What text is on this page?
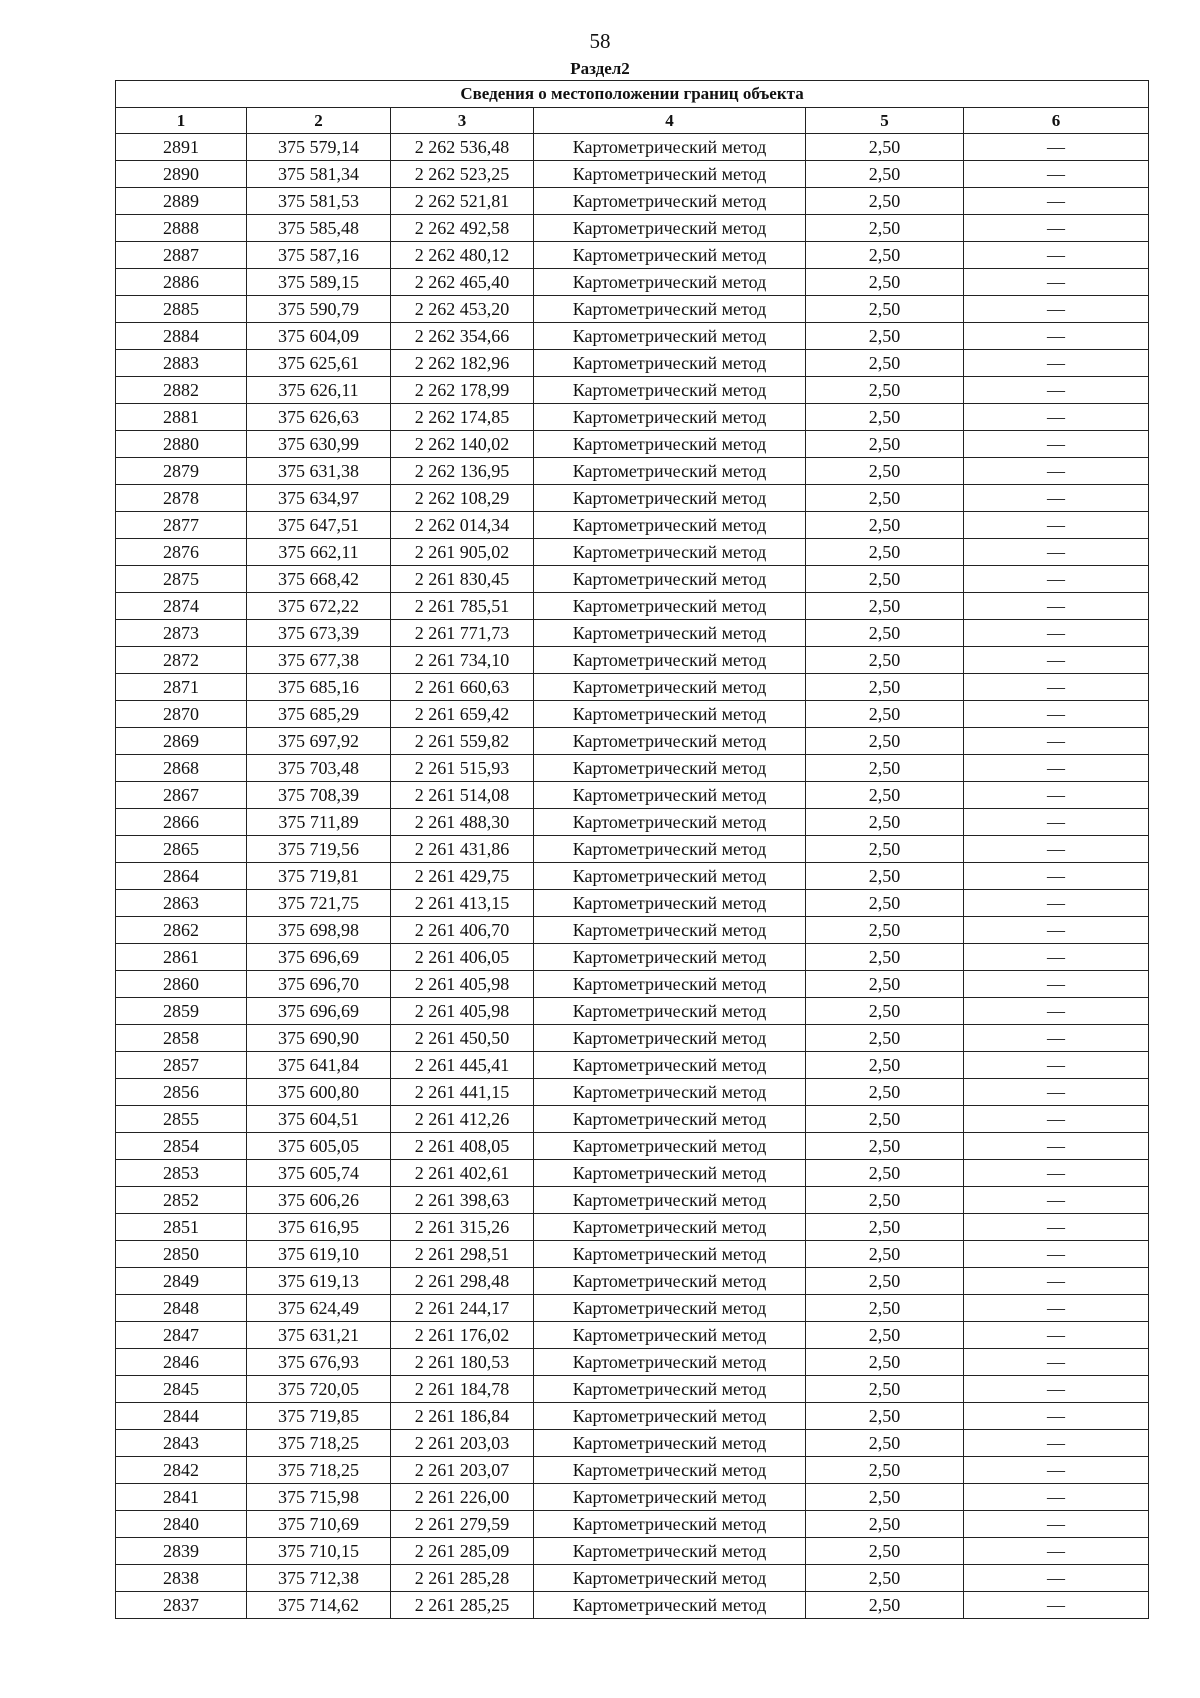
58
Раздел2
Сведения о местоположении границ объекта					
1	2	3	4	5	6
2891	375 579,14	2 262 536,48	Картометрический метод	2,50	—
2890	375 581,34	2 262 523,25	Картометрический метод	2,50	—
2889	375 581,53	2 262 521,81	Картометрический метод	2,50	—
2888	375 585,48	2 262 492,58	Картометрический метод	2,50	—
2887	375 587,16	2 262 480,12	Картометрический метод	2,50	—
2886	375 589,15	2 262 465,40	Картометрический метод	2,50	—
2885	375 590,79	2 262 453,20	Картометрический метод	2,50	—
2884	375 604,09	2 262 354,66	Картометрический метод	2,50	—
2883	375 625,61	2 262 182,96	Картометрический метод	2,50	—
2882	375 626,11	2 262 178,99	Картометрический метод	2,50	—
2881	375 626,63	2 262 174,85	Картометрический метод	2,50	—
2880	375 630,99	2 262 140,02	Картометрический метод	2,50	—
2879	375 631,38	2 262 136,95	Картометрический метод	2,50	—
2878	375 634,97	2 262 108,29	Картометрический метод	2,50	—
2877	375 647,51	2 262 014,34	Картометрический метод	2,50	—
2876	375 662,11	2 261 905,02	Картометрический метод	2,50	—
2875	375 668,42	2 261 830,45	Картометрический метод	2,50	—
2874	375 672,22	2 261 785,51	Картометрический метод	2,50	—
2873	375 673,39	2 261 771,73	Картометрический метод	2,50	—
2872	375 677,38	2 261 734,10	Картометрический метод	2,50	—
2871	375 685,16	2 261 660,63	Картометрический метод	2,50	—
2870	375 685,29	2 261 659,42	Картометрический метод	2,50	—
2869	375 697,92	2 261 559,82	Картометрический метод	2,50	—
2868	375 703,48	2 261 515,93	Картометрический метод	2,50	—
2867	375 708,39	2 261 514,08	Картометрический метод	2,50	—
2866	375 711,89	2 261 488,30	Картометрический метод	2,50	—
2865	375 719,56	2 261 431,86	Картометрический метод	2,50	—
2864	375 719,81	2 261 429,75	Картометрический метод	2,50	—
2863	375 721,75	2 261 413,15	Картометрический метод	2,50	—
2862	375 698,98	2 261 406,70	Картометрический метод	2,50	—
2861	375 696,69	2 261 406,05	Картометрический метод	2,50	—
2860	375 696,70	2 261 405,98	Картометрический метод	2,50	—
2859	375 696,69	2 261 405,98	Картометрический метод	2,50	—
2858	375 690,90	2 261 450,50	Картометрический метод	2,50	—
2857	375 641,84	2 261 445,41	Картометрический метод	2,50	—
2856	375 600,80	2 261 441,15	Картометрический метод	2,50	—
2855	375 604,51	2 261 412,26	Картометрический метод	2,50	—
2854	375 605,05	2 261 408,05	Картометрический метод	2,50	—
2853	375 605,74	2 261 402,61	Картометрический метод	2,50	—
2852	375 606,26	2 261 398,63	Картометрический метод	2,50	—
2851	375 616,95	2 261 315,26	Картометрический метод	2,50	—
2850	375 619,10	2 261 298,51	Картометрический метод	2,50	—
2849	375 619,13	2 261 298,48	Картометрический метод	2,50	—
2848	375 624,49	2 261 244,17	Картометрический метод	2,50	—
2847	375 631,21	2 261 176,02	Картометрический метод	2,50	—
2846	375 676,93	2 261 180,53	Картометрический метод	2,50	—
2845	375 720,05	2 261 184,78	Картометрический метод	2,50	—
2844	375 719,85	2 261 186,84	Картометрический метод	2,50	—
2843	375 718,25	2 261 203,03	Картометрический метод	2,50	—
2842	375 718,25	2 261 203,07	Картометрический метод	2,50	—
2841	375 715,98	2 261 226,00	Картометрический метод	2,50	—
2840	375 710,69	2 261 279,59	Картометрический метод	2,50	—
2839	375 710,15	2 261 285,09	Картометрический метод	2,50	—
2838	375 712,38	2 261 285,28	Картометрический метод	2,50	—
2837	375 714,62	2 261 285,25	Картометрический метод	2,50	—
